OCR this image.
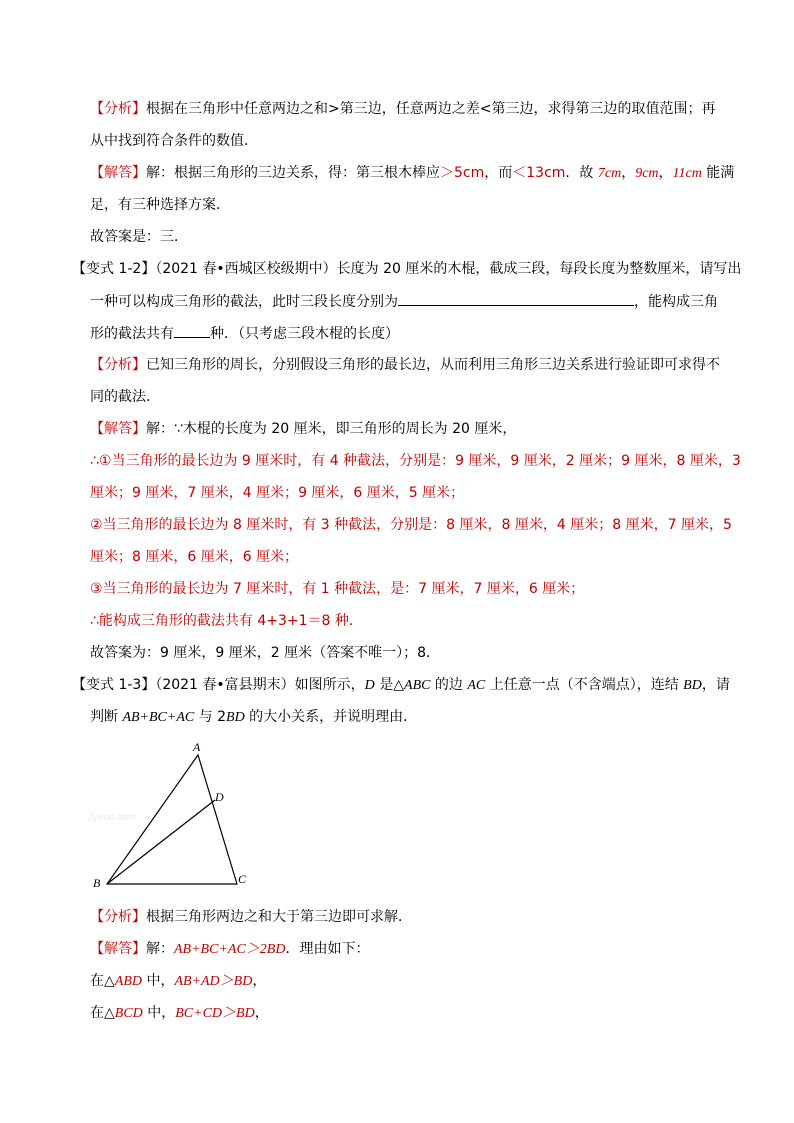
【分析】根据在三角形中任意两边之和>第三边，任意两边之差<第三边，求得第三边的取值范围；再
从中找到符合条件的数值．
【解答】解：根据三角形的三边关系，得：第三根木棒应＞5cm，而＜13cm．故 7cm，9cm，11cm 能满
足，有三种选择方案．
故答案是：三．
【变式 1-2】（2021 春•西城区校级期中）长度为 20 厘米的木棍，截成三段，每段长度为整数厘米，请写出
一种可以构成三角形的截法，此时三段长度分别为	，能构成三角
形的截法共有	种．（只考虑三段木棍的长度）
【分析】已知三角形的周长，分别假设三角形的最长边，从而利用三角形三边关系进行验证即可求得不
同的截法．
【解答】解：∵木棍的长度为 20 厘米，即三角形的周长为 20 厘米，
∴①当三角形的最长边为 9 厘米时，有 4 种截法，分别是：9 厘米，9 厘米，2 厘米；9 厘米，8 厘米，3
厘米；9 厘米，7 厘米，4 厘米；9 厘米，6 厘米，5 厘米；
②当三角形的最长边为 8 厘米时，有 3 种截法，分别是：8 厘米，8 厘米，4 厘米；8 厘米，7 厘米，5
厘米；8 厘米，6 厘米，6 厘米；
③当三角形的最长边为 7 厘米时，有 1 种截法，是：7 厘米，7 厘米，6 厘米；
∴能构成三角形的截法共有 4+3+1＝8 种．
故答案为：9 厘米，9 厘米，2 厘米（答案不唯一）；8．
【变式 1-3】（2021 春•富县期末）如图所示，D 是△ABC 的边 AC 上任意一点（不含端点），连结 BD，请
判断 AB+BC+AC 与 2BD 的大小关系，并说明理由．
A
B	C
D
Jyeoo.com
【分析】根据三角形两边之和大于第三边即可求解．
【解答】解：AB+BC+AC＞2BD．理由如下：
在△ABD 中，AB+AD＞BD，
在△BCD 中，BC+CD＞BD，
